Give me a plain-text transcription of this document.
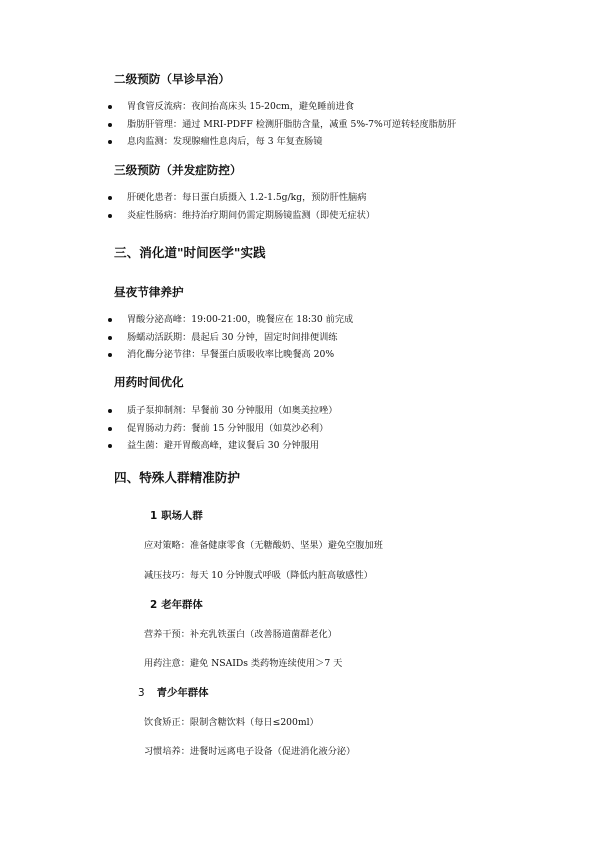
二级预防（早诊早治）
胃食管反流病：夜间抬高床头 15-20cm，避免睡前进食
脂肪肝管理：通过 MRI-PDFF 检测肝脂肪含量，减重 5%-7%可逆转轻度脂肪肝
息肉监测：发现腺瘤性息肉后，每 3 年复查肠镜
三级预防（并发症防控）
肝硬化患者：每日蛋白质摄入 1.2-1.5g/kg，预防肝性脑病
炎症性肠病：维持治疗期间仍需定期肠镜监测（即使无症状）
三、消化道"时间医学"实践
昼夜节律养护
胃酸分泌高峰：19:00-21:00，晚餐应在 18:30 前完成
肠蠕动活跃期：晨起后 30 分钟，固定时间排便训练
消化酶分泌节律：早餐蛋白质吸收率比晚餐高 20%
用药时间优化
质子泵抑制剂：早餐前 30 分钟服用（如奥美拉唑）
促胃肠动力药：餐前 15 分钟服用（如莫沙必利）
益生菌：避开胃酸高峰，建议餐后 30 分钟服用
四、特殊人群精准防护
1 职场人群
应对策略：准备健康零食（无糖酸奶、坚果）避免空腹加班
减压技巧：每天 10 分钟腹式呼吸（降低内脏高敏感性）
2 老年群体
营养干预：补充乳铁蛋白（改善肠道菌群老化）
用药注意：避免 NSAIDs 类药物连续使用＞7 天
3 青少年群体
饮食矫正：限制含糖饮料（每日≤200ml）
习惯培养：进餐时远离电子设备（促进消化液分泌）
